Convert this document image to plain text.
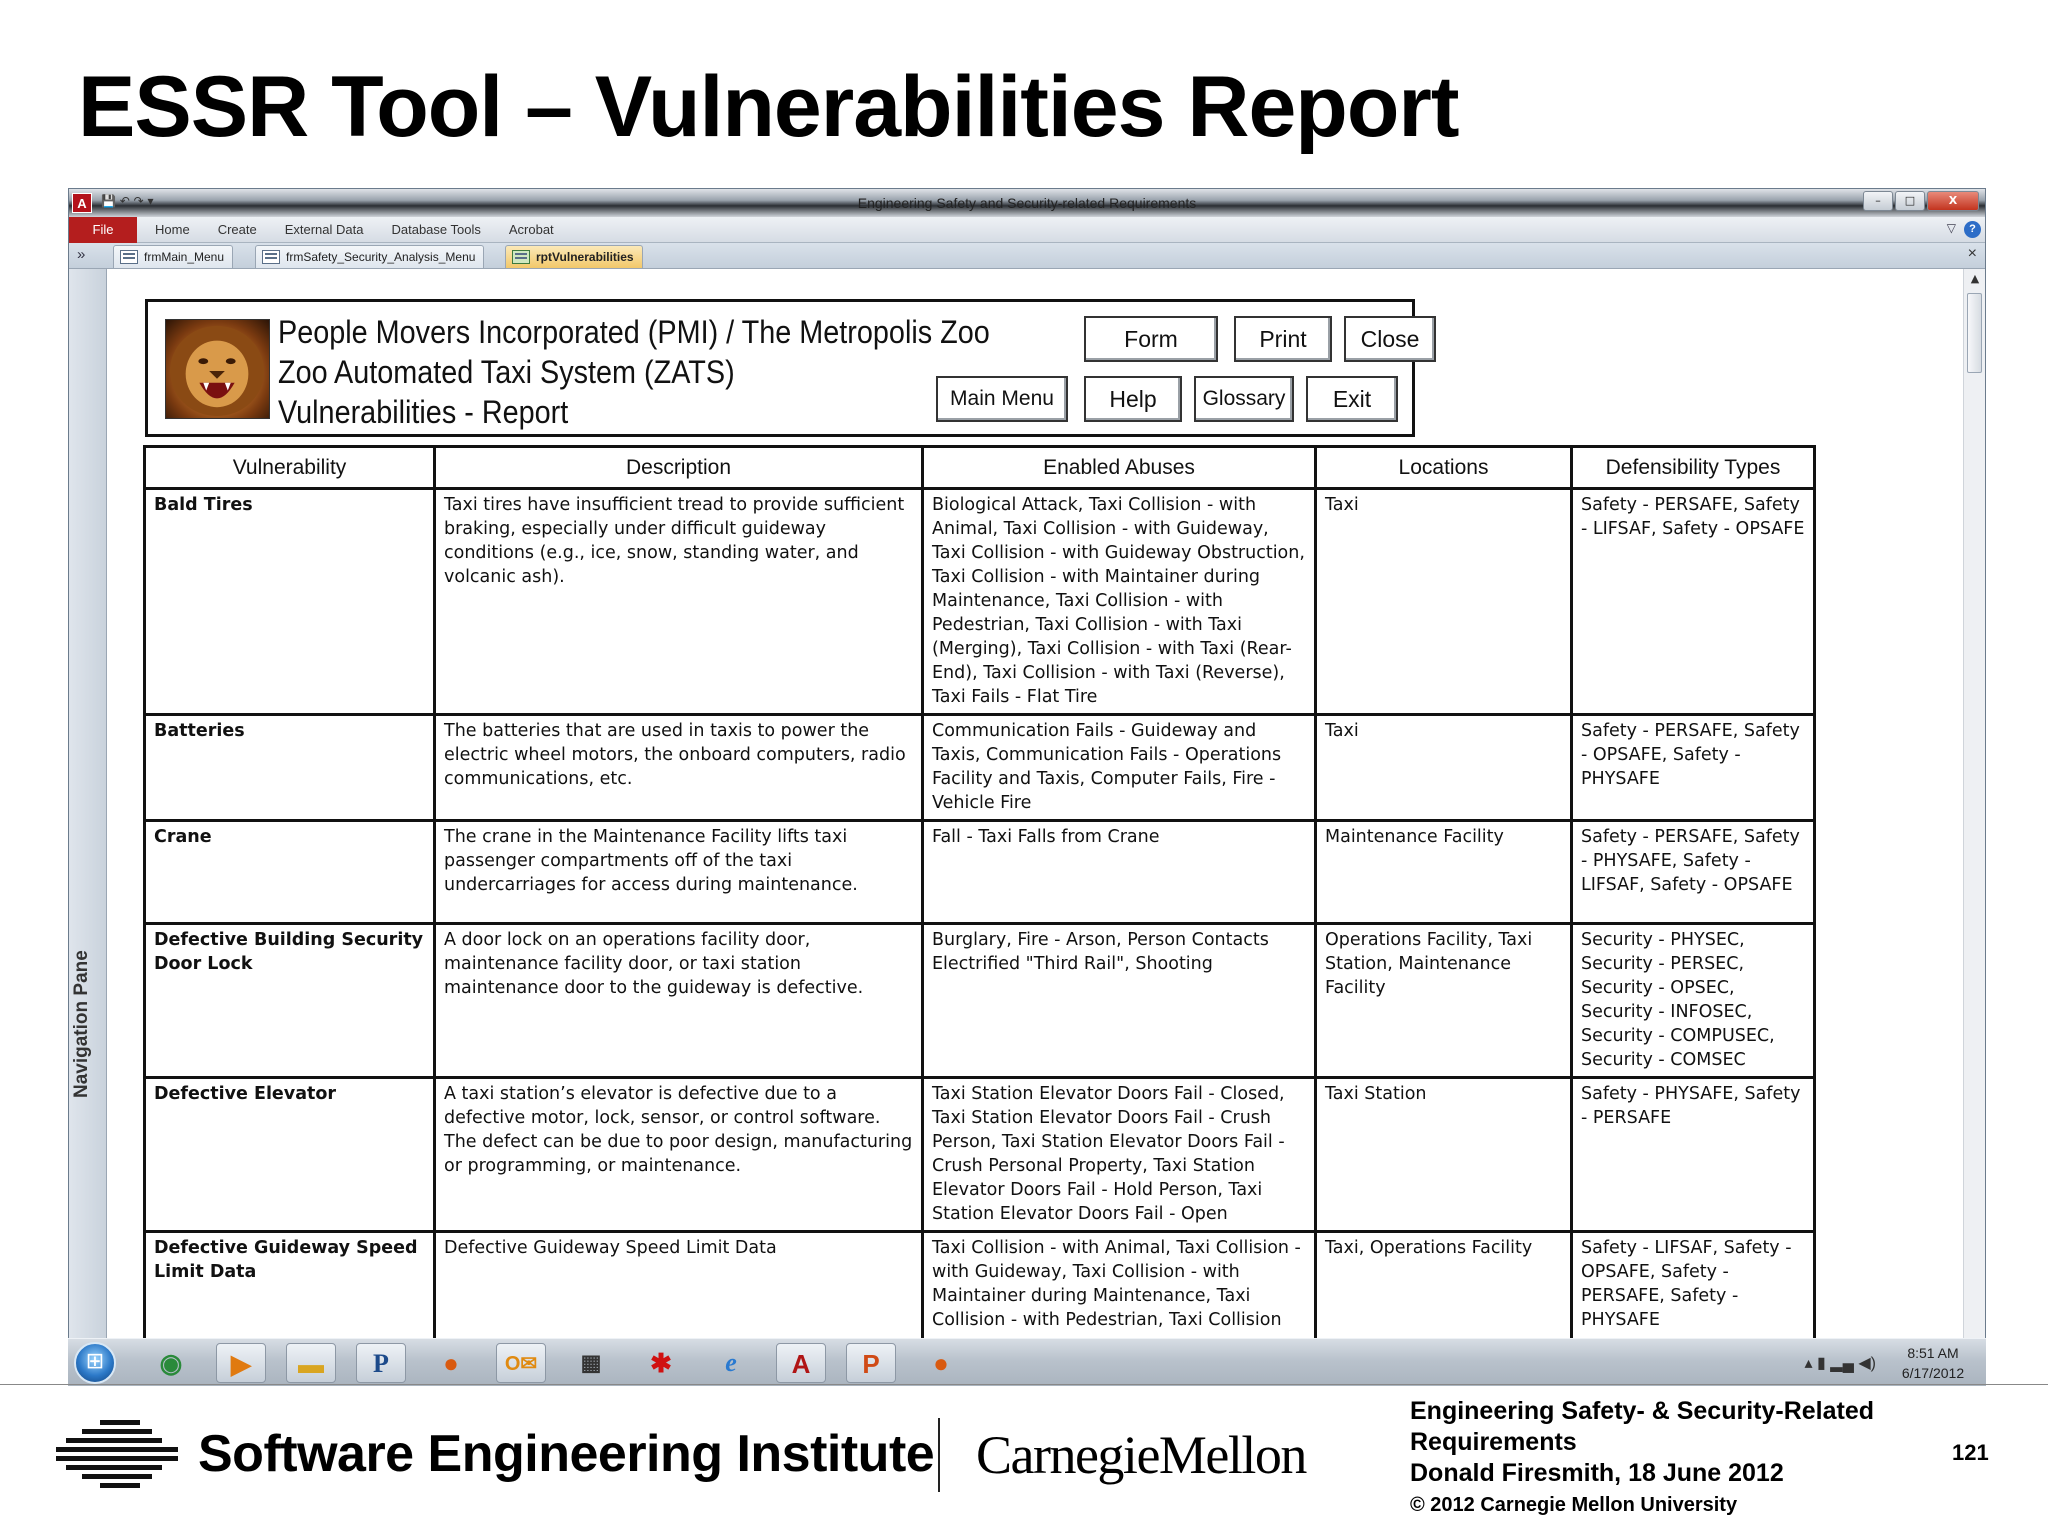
ESSR Tool – Vulnerabilities Report
A	💾 ↶ ↷ ▾	Engineering Safety and Security-related Requirements	–	□	X
File	Home Create External Data Database Tools Acrobat	▽	?
»	frmMain_Menu	frmSafety_Security_Analysis_Menu	rptVulnerabilities	×
Navigation Pane
People Movers Incorporated (PMI) / The Metropolis Zoo
Zoo Automated Taxi System (ZATS)
Vulnerabilities - Report
Form	Print	Close
Main Menu	Help	Glossary	Exit
Vulnerability	Description	Enabled Abuses	Locations	Defensibility Types
Bald Tires	Taxi tires have insufficient tread to provide sufficient braking, especially under difficult guideway conditions (e.g., ice, snow, standing water, and volcanic ash).	Biological Attack, Taxi Collision - with Animal, Taxi Collision - with Guideway, Taxi Collision - with Guideway Obstruction, Taxi Collision - with Maintainer during Maintenance, Taxi Collision - with Pedestrian, Taxi Collision - with Taxi (Merging), Taxi Collision - with Taxi (Rear-End), Taxi Collision - with Taxi (Reverse), Taxi Fails - Flat Tire	Taxi	Safety - PERSAFE, Safety - LIFSAF, Safety - OPSAFE
Batteries	The batteries that are used in taxis to power the electric wheel motors, the onboard computers, radio communications, etc.	Communication Fails - Guideway and Taxis, Communication Fails - Operations Facility and Taxis, Computer Fails, Fire - Vehicle Fire	Taxi	Safety - PERSAFE, Safety - OPSAFE, Safety - PHYSAFE
Crane	The crane in the Maintenance Facility lifts taxi passenger compartments off of the taxi undercarriages for access during maintenance.	Fall - Taxi Falls from Crane	Maintenance Facility	Safety - PERSAFE, Safety - PHYSAFE, Safety - LIFSAF, Safety - OPSAFE
Defective Building Security Door Lock	A door lock on an operations facility door, maintenance facility door, or taxi station maintenance door to the guideway is defective.	Burglary, Fire - Arson, Person Contacts Electrified "Third Rail", Shooting	Operations Facility, Taxi Station, Maintenance Facility	Security - PHYSEC, Security - PERSEC, Security - OPSEC, Security - INFOSEC, Security - COMPUSEC, Security - COMSEC
Defective Elevator	A taxi station’s elevator is defective due to a defective motor, lock, sensor, or control software. The defect can be due to poor design, manufacturing or programming, or maintenance.	Taxi Station Elevator Doors Fail - Closed, Taxi Station Elevator Doors Fail - Crush Person, Taxi Station Elevator Doors Fail - Crush Personal Property, Taxi Station Elevator Doors Fail - Hold Person, Taxi Station Elevator Doors Fail - Open	Taxi Station	Safety - PHYSAFE, Safety - PERSAFE
Defective Guideway Speed Limit Data	Defective Guideway Speed Limit Data	Taxi Collision - with Animal, Taxi Collision - with Guideway, Taxi Collision - with Maintainer during Maintenance, Taxi Collision - with Pedestrian, Taxi Collision	Taxi, Operations Facility	Safety - LIFSAF, Safety - OPSAFE, Safety - PERSAFE, Safety - PHYSAFE
▲
⊞
◉	▶	▬	P	●	O✉	▦	✱	e	A	P	●	▴ ▮ ▂▄ ◀)
8:51 AM
6/17/2012
Software Engineering Institute CarnegieMellon
Engineering Safety- & Security-Related
Requirements
Donald Firesmith, 18 June 2012
© 2012 Carnegie Mellon University
121
